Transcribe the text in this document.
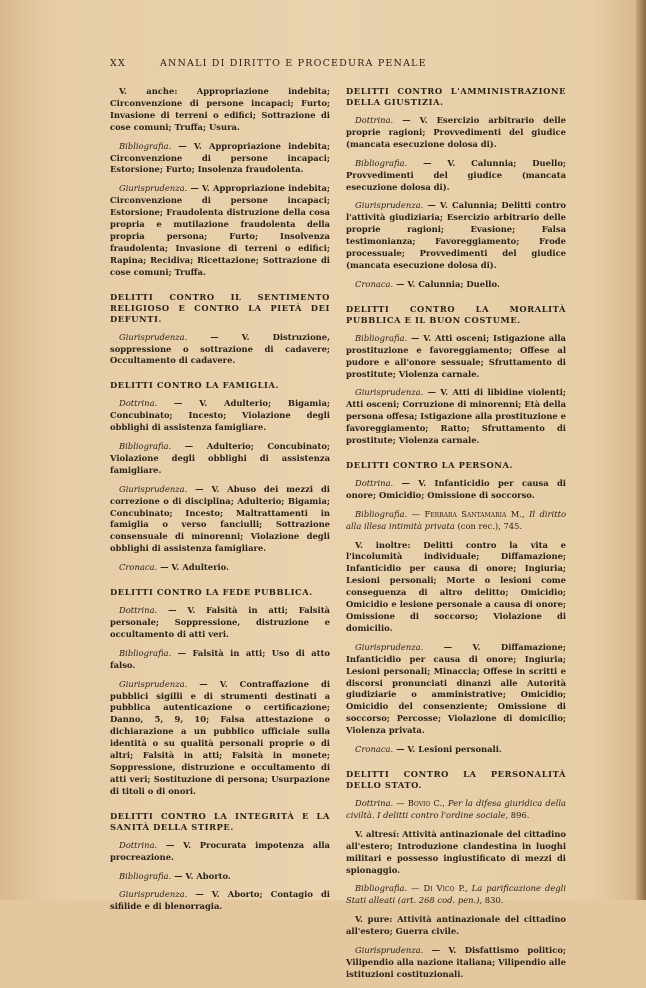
XX	ANNALI DI DIRITTO E PROCEDURA PENALE

V. anche: Appropriazione indebita; Circonvenzione di persone incapaci; Furto; Invasione di terreni o edifici; Sottrazione di cose comuni; Truffa; Usura.

Bibliografia. — V. Appropriazione indebita; Circonvenzione di persone incapaci; Estorsione; Furto; Insolenza fraudolenta.

Giurisprudenza. — V. Appropriazione indebita; Circonvenzione di persone incapaci; Estorsione; Fraudolenta distruzione della cosa propria e mutilazione fraudolenta della propria persona; Furto; Insolvenza fraudolenta; Invasione di terreni o edifici; Rapina; Recidiva; Ricettazione; Sottrazione di cose comuni; Truffa.

DELITTI CONTRO IL SENTIMENTO RELIGIOSO E CONTRO LA PIETÀ DEI DEFUNTI.

Giurisprudenza. — V. Distruzione, soppressione o sottrazione di cadavere; Occultamento di cadavere.

DELITTI CONTRO LA FAMIGLIA.

Dottrina. — V. Adulterio; Bigamia; Concubinato; Incesto; Violazione degli obblighi di assistenza famigliare.

Bibliografia. — Adulterio; Concubinato; Violazione degli obblighi di assistenza famigliare.

Giurisprudenza. — V. Abuso dei mezzi di correzione o di disciplina; Adulterio; Bigamia; Concubinato; Incesto; Maltrattamenti in famiglia o verso fanciulli; Sottrazione consensuale di minorenni; Violazione degli obblighi di assistenza famigliare.

Cronaca. — V. Adulterio.

DELITTI CONTRO LA FEDE PUBBLICA.

Dottrina. — V. Falsità in atti; Falsità personale; Soppressione, distruzione e occultamento di atti veri.

Bibliografia. — Falsità in atti; Uso di atto falso.

Giurisprudenza. — V. Contraffazione di pubblici sigilli e di strumenti destinati a pubblica autenticazione o certificazione; Danno, 5, 9, 10; Falsa attestazione o dichiarazione a un pubblico ufficiale sulla identità o su qualità personali proprie o di altri; Falsità in atti; Falsità in monete; Soppressione, distruzione e occultamento di atti veri; Sostituzione di persona; Usurpazione di titoli o di onori.

DELITTI CONTRO LA INTEGRITÀ E LA SANITÀ DELLA STIRPE.

Dottrina. — V. Procurata impotenza alla procreazione.

Bibliografia. — V. Aborto.

Giurisprudenza. — V. Aborto; Contagio di sifilide e di blenorragia.

DELITTI CONTRO L'AMMINISTRAZIONE DELLA GIUSTIZIA.

Dottrina. — V. Esercizio arbitrario delle proprie ragioni; Provvedimenti del giudice (mancata esecuzione dolosa di).

Bibliografia. — V. Calunnia; Duello; Provvedimenti del giudice (mancata esecuzione dolosa di).

Giurisprudenza. — V. Calunnia; Delitti contro l'attività giudiziaria; Esercizio arbitrario delle proprie ragioni; Evasione; Falsa testimonianza; Favoreggiamento; Frode processuale; Provvedimenti del giudice (mancata esecuzione dolosa di).

Cronaca. — V. Calunnia; Duello.

DELITTI CONTRO LA MORALITÀ PUBBLICA E IL BUON COSTUME.

Bibliografia. — V. Atti osceni; Istigazione alla prostituzione e favoreggiamento; Offese al pudore e all'onore sessuale; Sfruttamento di prostitute; Violenza carnale.

Giurisprudenza. — V. Atti di libidine violenti; Atti osceni; Corruzione di minorenni; Età della persona offesa; Istigazione alla prostituzione e favoreggiamento; Ratto; Sfruttamento di prostitute; Violenza carnale.

DELITTI CONTRO LA PERSONA.

Dottrina. — V. Infanticidio per causa di onore; Omicidio; Omissione di soccorso.

Bibliografia. — Ferrara Santamaria M., Il diritto alla illesa intimità privata (con rec.), 745.

V. inoltre: Delitti contro la vita e l'incolumità individuale; Diffamazione; Infanticidio per causa di onore; Ingiuria; Lesioni personali; Morte o lesioni come conseguenza di altro delitto; Omicidio; Omicidio e lesione personale a causa di onore; Omissione di soccorso; Violazione di domicilio.

Giurisprudenza. — V. Diffamazione; Infanticidio per causa di onore; Ingiuria; Lesioni personali; Minaccia; Offese in scritti e discorsi pronunciati dinanzi alle Autorità giudiziarie o amministrative; Omicidio; Omicidio del consenziente; Omissione di soccorso; Percosse; Violazione di domicilio; Violenza privata.

Cronaca. — V. Lesioni personali.

DELITTI CONTRO LA PERSONALITÀ DELLO STATO.

Dottrina. — Bovio C., Per la difesa giuridica della civiltà. I delitti contro l'ordine sociale, 896.

V. altresí: Attività antinazionale del cittadino all'estero; Introduzione clandestina in luoghi militari e possesso ingiustificato di mezzi di spionaggio.

Bibliografia. — Di Vico P., La parificazione degli Stati alleati (art. 268 cod. pen.), 830.

V. pure: Attività antinazionale del cittadino all'estero; Guerra civile.

Giurisprudenza. — V. Disfattismo politico; Vilipendio alla nazione italiana; Vilipendio alle istituzioni costituzionali.
